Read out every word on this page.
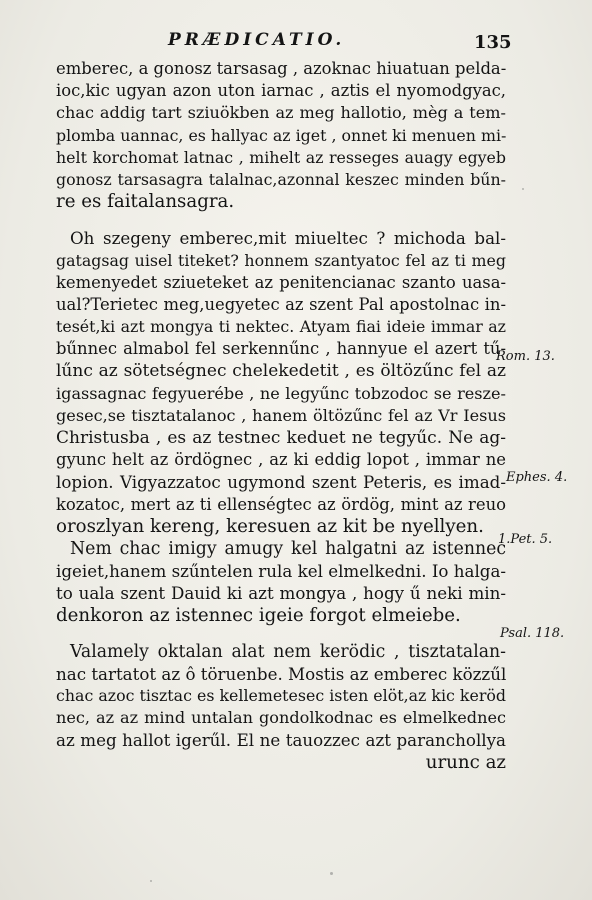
PRÆDICATIO.	135
emberec, a gonosz tarsasag , azoknac hiuatuan pelda-
ioc,kic ugyan azon uton iarnac , aztis el nyomodgyac,
chac addig tart sziuökben az meg hallotio, mèg a tem-
plomba uannac, es hallyac az iget , onnet ki menuen mi-
helt korchomat latnac , mihelt az resseges auagy egyeb
gonosz tarsasagra talalnac,azonnal keszec minden bűn-
re es faitalansagra.
Oh szegeny emberec,mit miueltec ? michoda bal-
gatagsag uisel titeket? honnem szantyatoc fel az ti meg
kemenyedet sziueteket az penitencianac szanto uasa-
ual?Terietec meg,uegyetec az szent Pal apostolnac in-
tesét,ki azt mongya ti nektec. Atyam fiai ideie immar az
bűnnec almabol fel serkennűnc , hannyue el azert tű-
lűnc az sötetségnec chelekedetit , es öltözűnc fel az
igassagnac fegyuerébe , ne legyűnc tobzodoc se resze-
gesec,se tisztatalanoc , hanem öltözűnc fel az Vr Iesus
Christusba , es az testnec keduet ne tegyűc. Ne ag-
gyunc helt az ördögnec , az ki eddig lopot , immar ne
lopion. Vigyazzatoc ugymond szent Peteris, es imad-
kozatoc, mert az ti ellenségtec az ördög, mint az reuo
oroszlyan kereng, keresuen az kit be nyellyen.
Nem chac imigy amugy kel halgatni az istennec
igeiet,hanem szűntelen rula kel elmelkedni. Io halga-
to uala szent Dauid ki azt mongya , hogy ű neki min-
denkoron az istennec igeie forgot elmeiebe.
Valamely oktalan alat nem kerödic , tisztatalan-
nac tartatot az ô töruenbe. Mostis az emberec közzűl
chac azoc tisztac es kellemetesec isten elöt,az kic keröd
nec, az az mind untalan gondolkodnac es elmelkednec
az meg hallot igerűl. El ne tauozzec azt paranchollya
urunc az
Rom. 13.
Ephes. 4.
1.Pet. 5.
Psal. 118.
